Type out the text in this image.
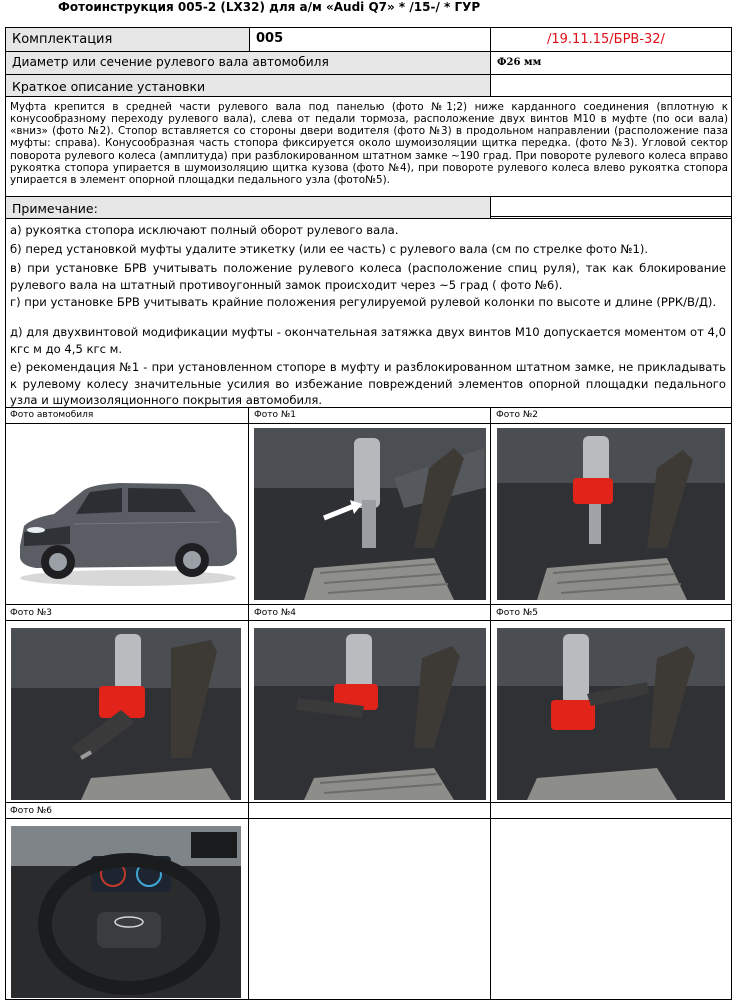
Фотоинструкция 005-2 (LX32) для а/м «Audi Q7» * /15-/ * ГУР
Комплектация	005	/19.11.15/БРВ-32/
Диаметр или сечение рулевого вала автомобиля	Ф26 мм
Краткое описание установки
Муфта крепится в средней части рулевого вала под панелью (фото №1;2) ниже карданного соединения (вплотную к конусообразному переходу рулевого вала), слева от педали тормоза, расположение двух винтов М10 в муфте (по оси вала) «вниз» (фото №2). Стопор вставляется со стороны двери водителя (фото №3) в продольном направлении (расположение паза муфты: справа). Конусообразная часть стопора фиксируется около шумоизоляции щитка передка. (фото №3). Угловой сектор поворота рулевого колеса (амплитуда) при разблокированном штатном замке ~190 град. При повороте рулевого колеса вправо рукоятка стопора упирается в шумоизоляцию щитка кузова (фото №4), при повороте рулевого колеса влево рукоятка стопора упирается в элемент опорной площадки педального узла (фото№5).
Примечание:
а) рукоятка стопора исключают полный оборот рулевого вала.
б) перед установкой муфты удалите этикетку (или ее часть) с рулевого вала (см по стрелке фото №1).
в) при установке БРВ учитывать положение рулевого колеса (расположение спиц руля), так как блокирование рулевого вала на штатный противоугонный замок происходит через ~5 град ( фото №6).
г) при установке БРВ учитывать крайние положения регулируемой рулевой колонки по высоте и длине (РРК/В/Д).
д) для двухвинтовой модификации муфты - окончательная затяжка двух винтов М10 допускается моментом от 4,0 кгс м до 4,5 кгс м.
е) рекомендация №1 - при установленном стопоре в муфту и разблокированном штатном замке, не прикладывать к рулевому колесу значительные усилия во избежание повреждений элементов опорной площадки педального узла и шумоизоляционного покрытия автомобиля.
Фото автомобиля	Фото №1	Фото №2
Фото №3	Фото №4	Фото №5
Фото №6
